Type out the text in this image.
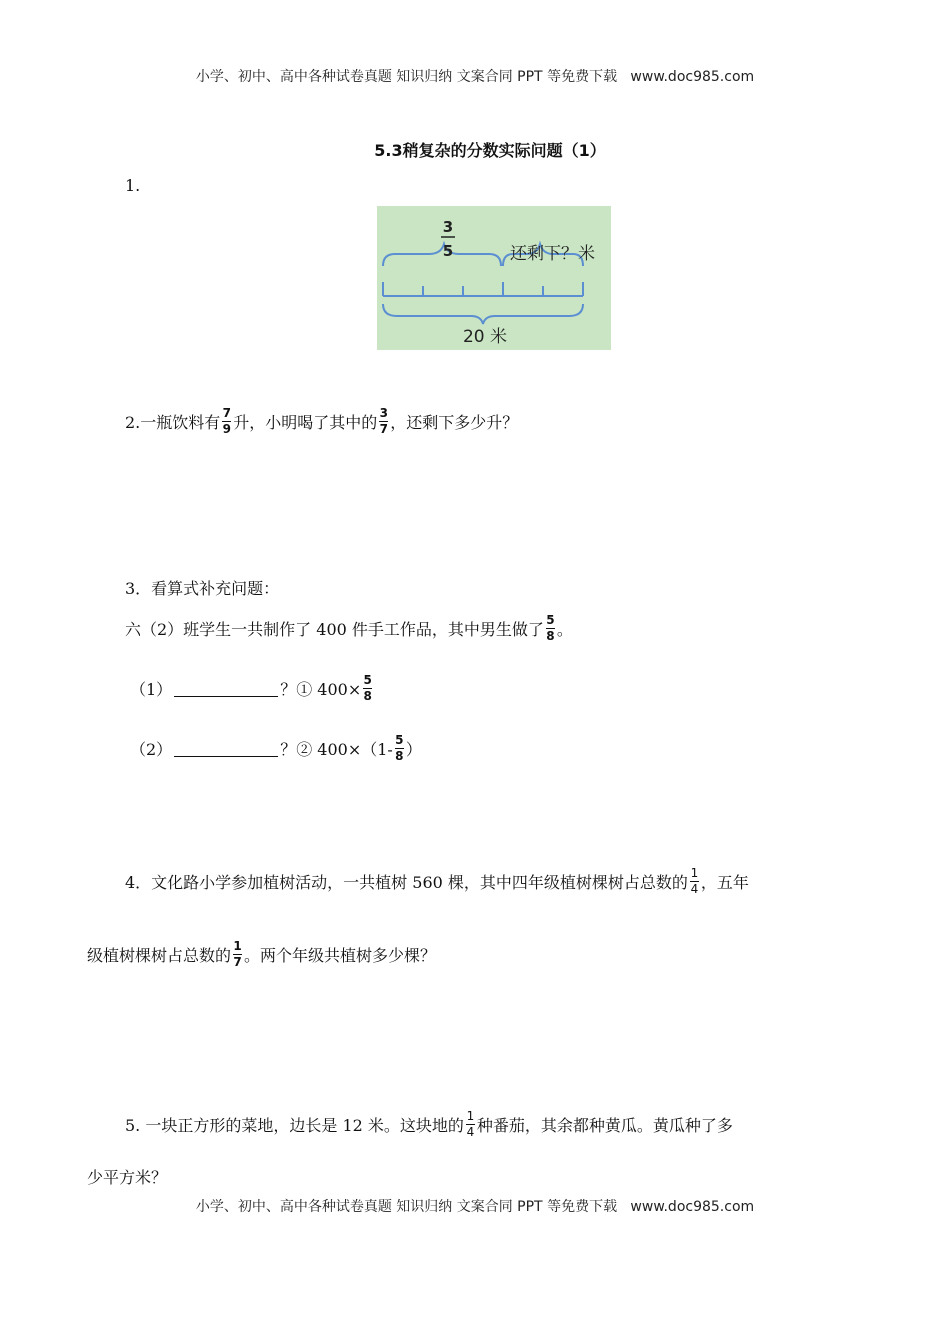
小学、初中、高中各种试卷真题 知识归纳 文案合同 PPT 等免费下载   www.doc985.com
5.3稍复杂的分数实际问题（1）
1.
3
5	还剩下？米
20 米
2.一瓶饮料有 $\frac{7}{9}$ 升，小明喝了其中的 $\frac{3}{7}$ ，还剩下多少升？
3．看算式补充问题：
六（2）班学生一共制作了 400 件手工作品，其中男生做了 $\frac{5}{8}$ 。
（1）	？① $400\times \frac{5}{8}$
（2）	？② $400\times(1- \frac{5}{8}$ ）
4．文化路小学参加植树活动，一共植树 560 棵，其中四年级植树棵树占总数的 $\frac{1}{4}$ ，五年
级植树棵树占总数的 $\frac{1}{7}$ 。两个年级共植树多少棵？
5. 一块正方形的菜地，边长是 12 米。这块地的 $\frac{1}{4}$ 种番茄，其余都种黄瓜。黄瓜种了多
少平方米？
小学、初中、高中各种试卷真题 知识归纳 文案合同 PPT 等免费下载   www.doc985.com
